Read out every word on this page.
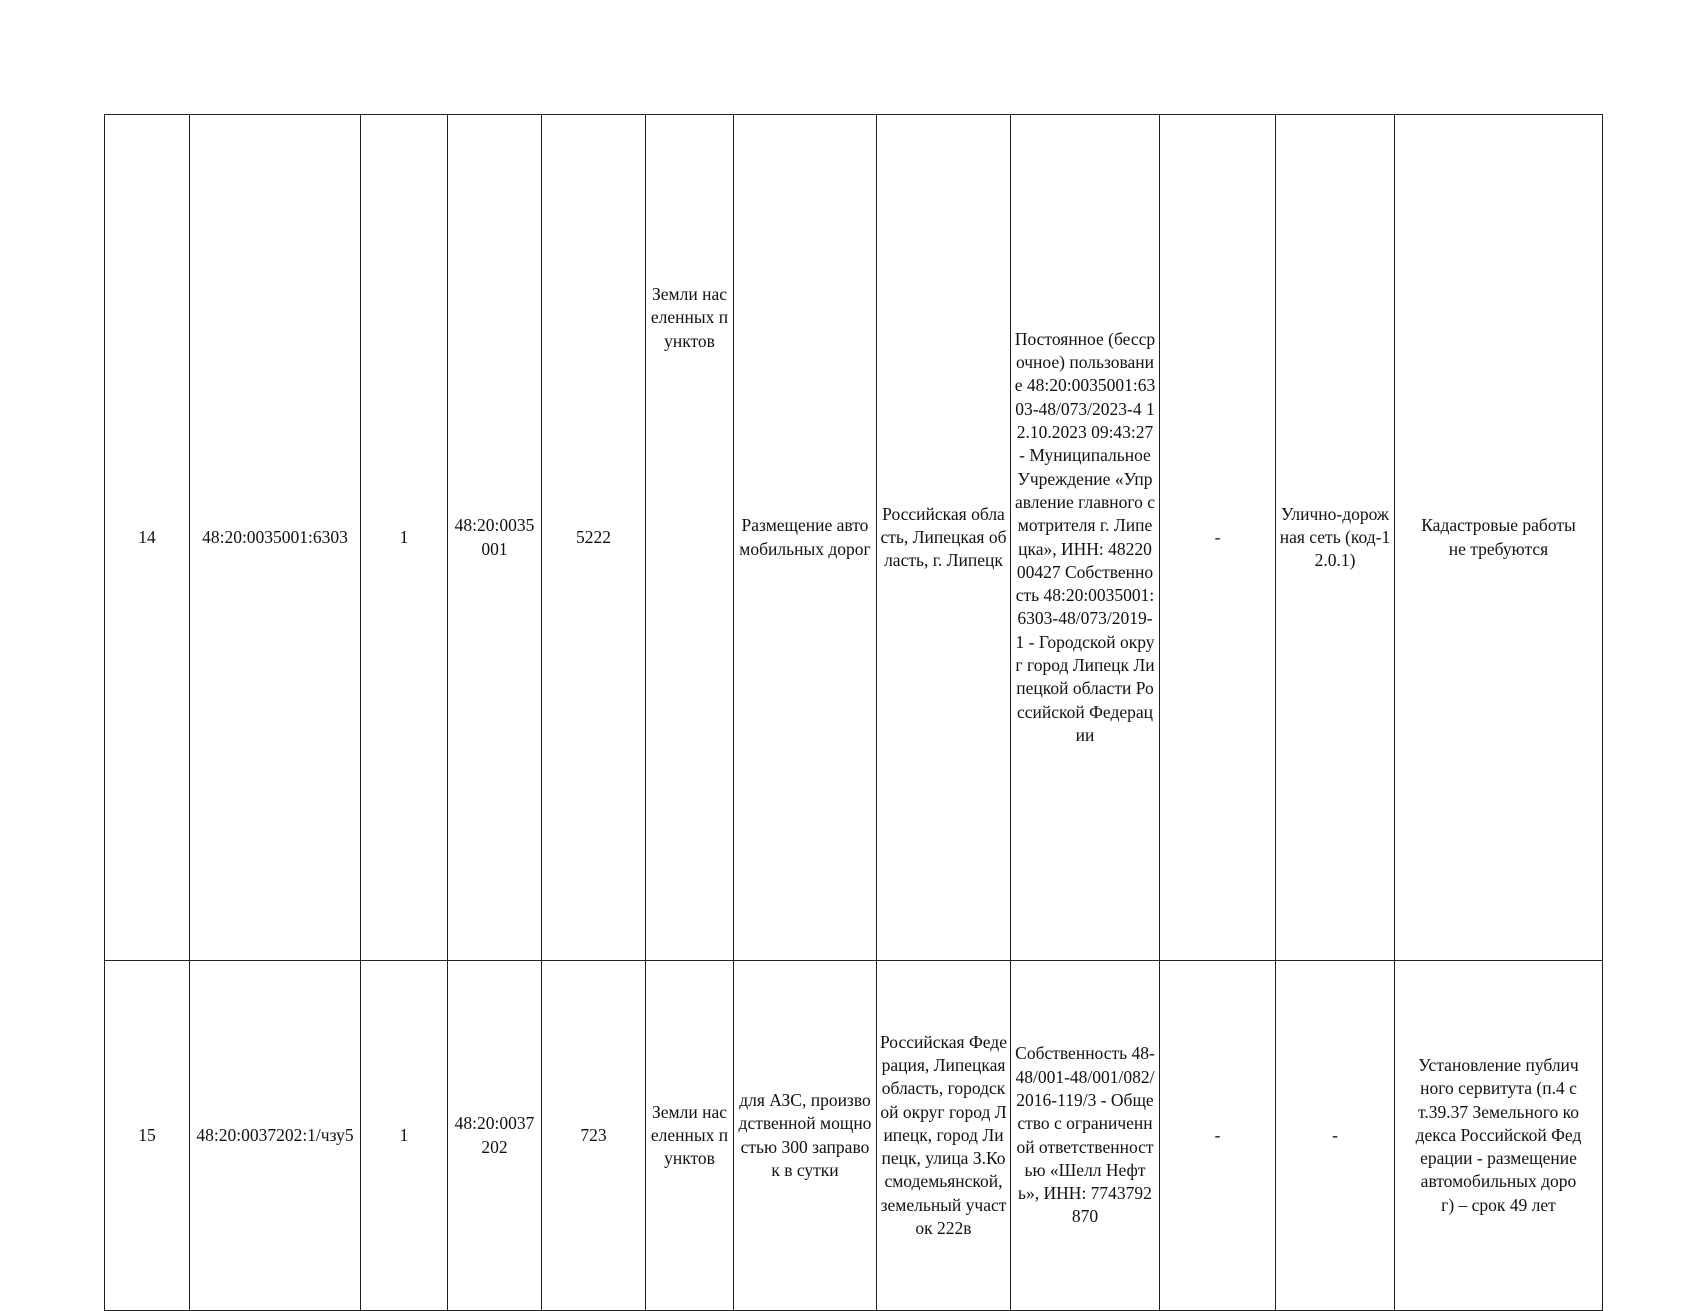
14	48:20:0035001:6303	1	48:20:0035001	5222	Земли населенных пунктов	Размещение автомобильных дорог	Российская область, Липецкая область, г. Липецк	Постоянное (бессрочное) пользование 48:20:0035001:6303-48/073/2023-4 12.10.2023 09:43:27 - Муниципальное Учреждение «Управление главного смотрителя г. Липецка», ИНН: 4822000427 Собственность 48:20:0035001:6303-48/073/2019-1 - Городской округ город Липецк Липецкой области Российской Федерации	-	Улично-дорожная сеть (код-12.0.1)	Кадастровые работы не требуются

15	48:20:0037202:1/чзу5	1	48:20:0037202	723	Земли населенных пунктов	для АЗС, производственной мощностью 300 заправок в сутки	Российская Федерация, Липецкая область, городской округ город Липецк, город Липецк, улица З.Космодемьянской, земельный участок 222в	Собственность 48-48/001-48/001/082/2016-119/3 - Общество с ограниченной ответственностью «Шелл Нефть», ИНН: 7743792870	-	-	Установление публичного сервитута (п.4 ст.39.37 Земельного кодекса Российской Федерации - размещение автомобильных дорог) – срок 49 лет
